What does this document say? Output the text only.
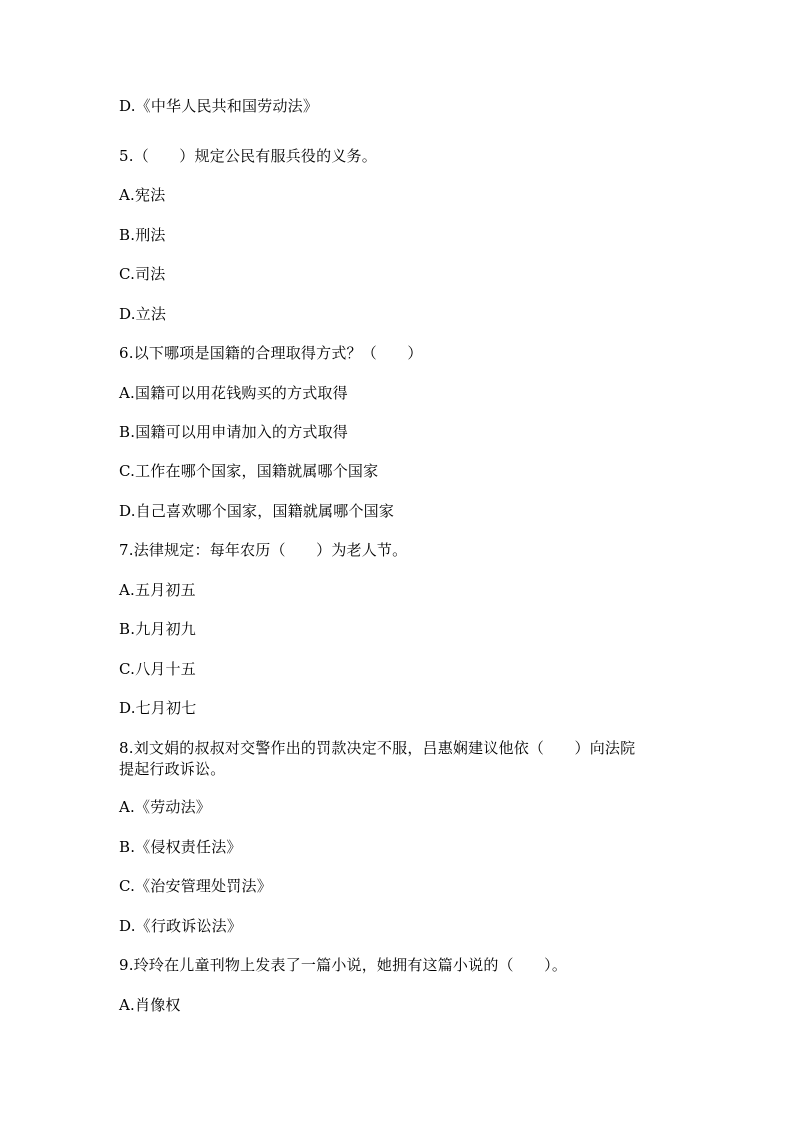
D.《中华人民共和国劳动法》
5.（　　）规定公民有服兵役的义务。
A.宪法
B.刑法
C.司法
D.立法
6.以下哪项是国籍的合理取得方式？（　　）
A.国籍可以用花钱购买的方式取得
B.国籍可以用申请加入的方式取得
C.工作在哪个国家，国籍就属哪个国家
D.自己喜欢哪个国家，国籍就属哪个国家
7.法律规定：每年农历（　　）为老人节。
A.五月初五
B.九月初九
C.八月十五
D.七月初七
8.刘文娟的叔叔对交警作出的罚款决定不服，吕惠娴建议他依（　　）向法院
提起行政诉讼。
A.《劳动法》
B.《侵权责任法》
C.《治安管理处罚法》
D.《行政诉讼法》
9.玲玲在儿童刊物上发表了一篇小说，她拥有这篇小说的（　　）。
A.肖像权
